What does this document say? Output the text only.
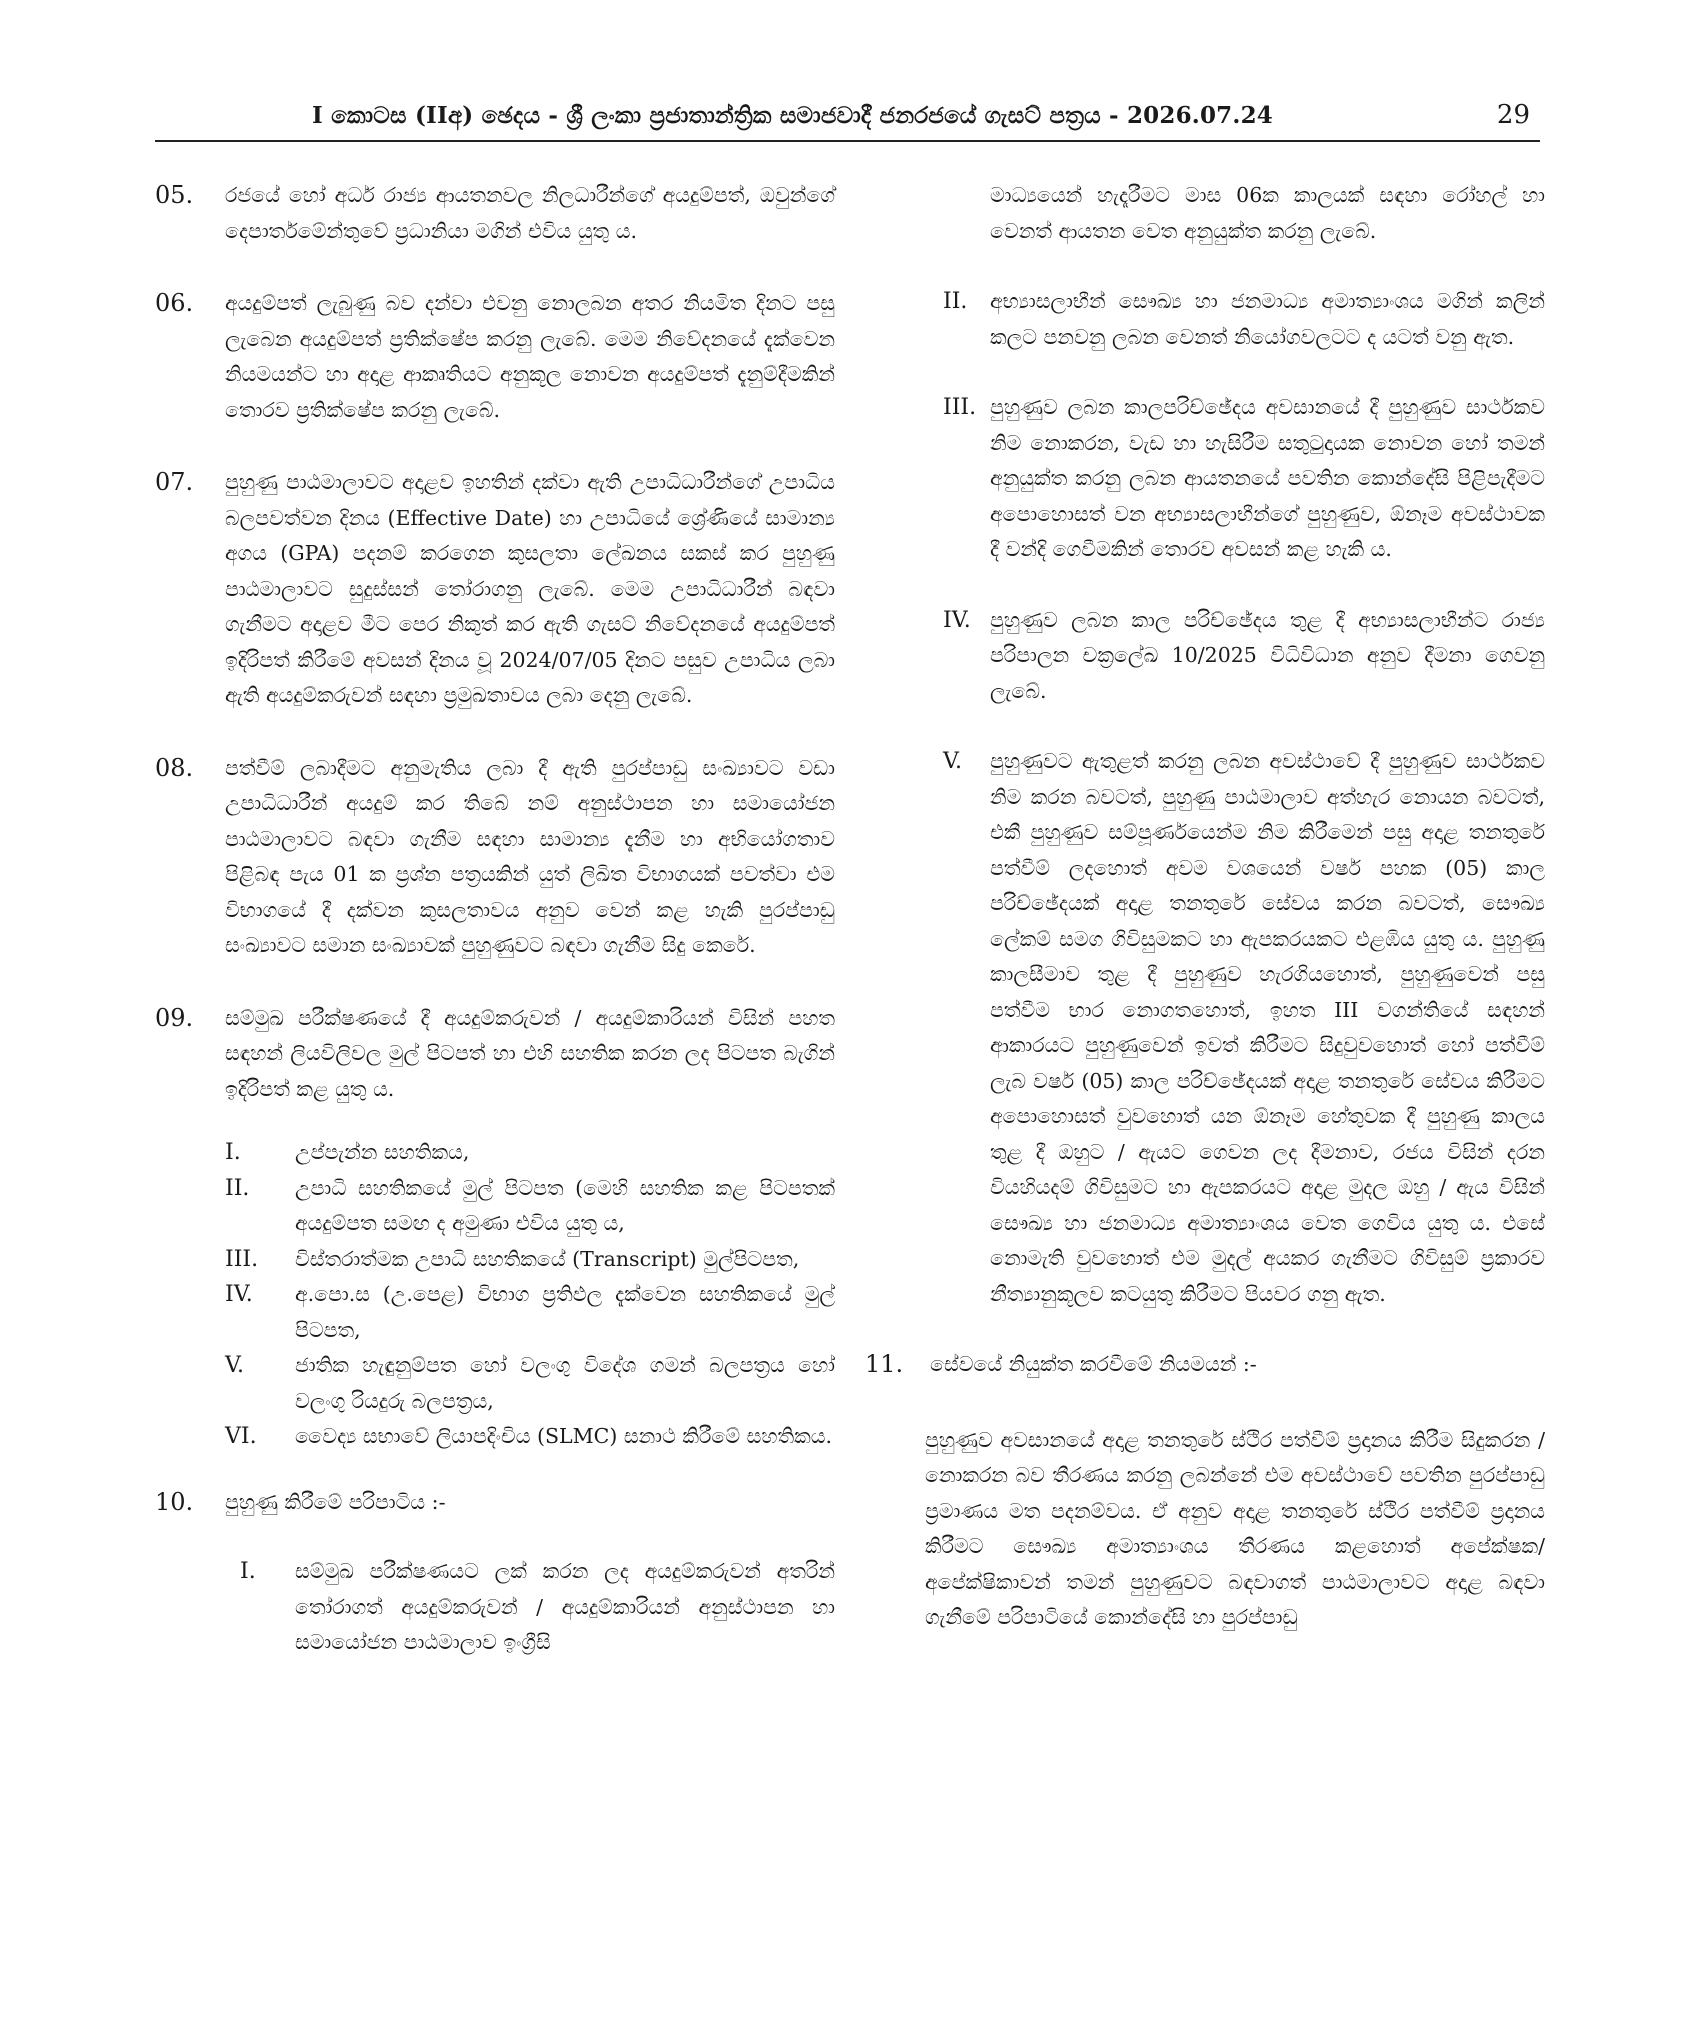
I කොටස (IIඅ) ඡෙදය - ශ්‍රී ලංකා ප්‍රජාතාන්ත්‍රික සමාජවාදී ජනරජයේ ගැසට් පත්‍රය - 2026.07.24	29
05. රජයේ හෝ අර්ධ රාජ්‍ය ආයතනවල නිලධාරීන්ගේ අයදුම්පත්, ඔවුන්ගේ දෙපාර්තමේන්තුවේ ප්‍රධානියා මගින් එවිය යුතු ය.
06. අයදුම්පත් ලැබුණු බව දන්වා එවනු නොලබන අතර නියමිත දිනට පසු ලැබෙන අයදුම්පත් ප්‍රතික්ෂේප කරනු ලැබේ. මෙම නිවේදනයේ දැක්වෙන නියමයන්ට හා අදාළ ආකෘතියට අනුකූල නොවන අයදුම්පත් දැනුම්දීමකින් තොරව ප්‍රතික්ෂේප කරනු ලැබේ.
07. පුහුණු පාඨමාලාවට අදාළව ඉහතින් දක්වා ඇති උපාධිධාරීන්ගේ උපාධිය බලපවත්වන දිනය (Effective Date) හා උපාධියේ ශ්‍රේණියේ සාමාන්‍ය අගය (GPA) පදනම් කරගෙන කුසලතා ලේඛනය සකස් කර පුහුණු පාඨමාලාවට සුදුස්සන් තෝරාගනු ලැබේ. මෙම උපාධිධාරීන් බඳවා ගැනීමට අදාළව මීට පෙර නිකුත් කර ඇති ගැසට් නිවේදනයේ අයදුම්පත් ඉදිරිපත් කිරීමේ අවසන් දිනය වූ 2024/07/05 දිනට පසුව උපාධිය ලබා ඇති අයදුම්කරුවන් සඳහා ප්‍රමුඛතාවය ලබා දෙනු ලැබේ.
08. පත්වීම් ලබාදීමට අනුමැතිය ලබා දී ඇති පුරප්පාඩු සංඛ්‍යාවට වඩා උපාධිධාරීන් අයදුම් කර තිබේ නම් අනුස්ථාපන හා සමායෝජන පාඨමාලාවට බඳවා ගැනීම සඳහා සාමාන්‍ය දැනීම හා අභියෝගතාව පිළිබඳ පැය 01 ක ප්‍රශ්න පත්‍රයකින් යුත් ලිඛිත විභාගයක් පවත්වා එම විභාගයේ දී දක්වන කුසලතාවය අනුව වෙන් කළ හැකි පුරප්පාඩු සංඛ්‍යාවට සමාන සංඛ්‍යාවක් පුහුණුවට බඳවා ගැනීම සිදු කෙරේ.
09. සම්මුඛ පරීක්ෂණයේ දී අයදුම්කරුවන් / අයදුම්කාරියන් විසින් පහත සඳහන් ලියවිලිවල මුල් පිටපත් හා එහි සහතික කරන ලද පිටපත බැගින් ඉදිරිපත් කළ යුතු ය.
I.	උප්පැන්න සහතිකය,
II. උපාධි සහතිකයේ මුල් පිටපත (මෙහි සහතික කළ පිටපතක් අයදුම්පත සමඟ ද අමුණා එවිය යුතු ය,
III. විස්තරාත්මක උපාධි සහතිකයේ (Transcript) මුල්පිටපත,
IV. අ.පො.ස (උ.පෙළ) විභාග ප්‍රතිඵල දැක්වෙන සහතිකයේ මුල් පිටපත,
V. ජාතික හැඳුනුම්පත හෝ වලංගු විදේශ ගමන් බලපත්‍රය හෝ වලංගු රියදුරු බලපත්‍රය,
VI. වෛද්‍ය සභාවේ ලියාපදිංචිය (SLMC) සනාථ කිරීමේ සහතිකය.
10. පුහුණු කිරීමේ පරිපාටිය :-
I. සම්මුඛ පරීක්ෂණයට ලක් කරන ලද අයදුම්කරුවන් අතරින් තෝරාගත් අයදුම්කරුවන් / අයදුම්කාරියන් අනුස්ථාපන හා සමායෝජන පාඨමාලාව ඉංග්‍රීසි
මාධ්‍යයෙන් හැදෑරීමට මාස 06ක කාලයක් සඳහා රෝහල් හා වෙනත් ආයතන වෙත අනුයුක්ත කරනු ලැබේ.
II.	අභ්‍යාසලාභීන් සෞඛ්‍ය හා ජනමාධ්‍ය අමාත්‍යාංශය මගින් කලින් කලට පනවනු ලබන වෙනත් නියෝගවලටට ද යටත් වනු ඇත.
III. පුහුණුව ලබන කාලපරිච්ඡේදය අවසානයේ දී පුහුණුව සාර්ථකව නිම නොකරන, වැඩ හා හැසිරීම සතුටුදායක නොවන හෝ තමන් අනුයුක්ත කරනු ලබන ආයතනයේ පවතින කොන්දේසි පිළිපැදීමට අපොහොසත් වන අභ්‍යාසලාභීන්ගේ පුහුණුව, ඕනෑම අවස්ථාවක දී වන්දි ගෙවීමකින් තොරව අවසන් කළ හැකි ය.
IV. පුහුණුව ලබන කාල පරිච්ඡේදය තුළ දී අභ්‍යාසලාභීන්ට රාජ්‍ය පරිපාලන චක්‍රලේඛ 10/2025 විධිවිධාන අනුව දීමනා ගෙවනු ලැබේ.
V.	පුහුණුවට ඇතුළත් කරනු ලබන අවස්ථාවේ දී පුහුණුව සාර්ථකව නිම කරන බවටත්, පුහුණු පාඨමාලාව අත්හැර නොයන බවටත්, එකී පුහුණුව සම්පූර්ණයෙන්ම නිම කිරීමෙන් පසු අදාළ තනතුරේ පත්වීම් ලදහොත් අවම වශයෙන් වර්ෂ පහක (05) කාල පරිච්ඡේදයක් අදාළ තනතුරේ සේවය කරන බවටත්, සෞඛ්‍ය ලේකම් සමග ගිවිසුමකට හා ඇපකරයකට එළඹිය යුතු ය. පුහුණු කාලසීමාව තුළ දී පුහුණුව හැරගියහොත්, පුහුණුවෙන් පසු පත්වීම භාර නොගතහොත්, ඉහත III වගන්තියේ සඳහන් ආකාරයට පුහුණුවෙන් ඉවත් කිරීමට සිදුවුවහොත් හෝ පත්වීම් ලැබ වර්ෂ (05) කාල පරිච්ඡේදයක් අදාළ තනතුරේ සේවය කිරීමට අපොහොසත් වුවහොත් යන ඕනෑම හේතුවක දී පුහුණු කාලය තුළ දී ඔහුට / ඇයට ගෙවන ලද දීමනාව, රජය විසින් දරන වියහියදම් ගිවිසුමට හා ඇපකරයට අදාළ මුදල ඔහු / ඇය විසින් සෞඛ්‍ය හා ජනමාධ්‍ය අමාත්‍යාංශය වෙත ගෙවිය යුතු ය. එසේ නොමැති වුවහොත් එම මුදල් අයකර ගැනීමට ගිවිසුම් ප්‍රකාරව නීත්‍යානුකූලව කටයුතු කිරීමට පියවර ගනු ඇත.
11. සේවයේ නියුක්ත කරවීමේ නියමයන් :-
පුහුණුව අවසානයේ අදාළ තනතුරේ ස්ථිර පත්වීම් ප්‍රදානය කිරීම සිදුකරන / නොකරන බව තීරණය කරනු ලබන්නේ එම අවස්ථාවේ පවතින පුරප්පාඩු ප්‍රමාණය මත පදනම්වය. ඒ අනුව අදාළ තනතුරේ ස්ථිර පත්වීම් ප්‍රදානය කිරීමට සෞඛ්‍ය අමාත්‍යාංශය තීරණය කළහොත් අපේක්ෂක/ අපේක්ෂිකාවන් තමන් පුහුණුවට බඳවාගත් පාඨමාලාවට අදාළ බඳවා ගැනීමේ පරිපාටියේ කොන්දේසි හා පුරප්පාඩු
